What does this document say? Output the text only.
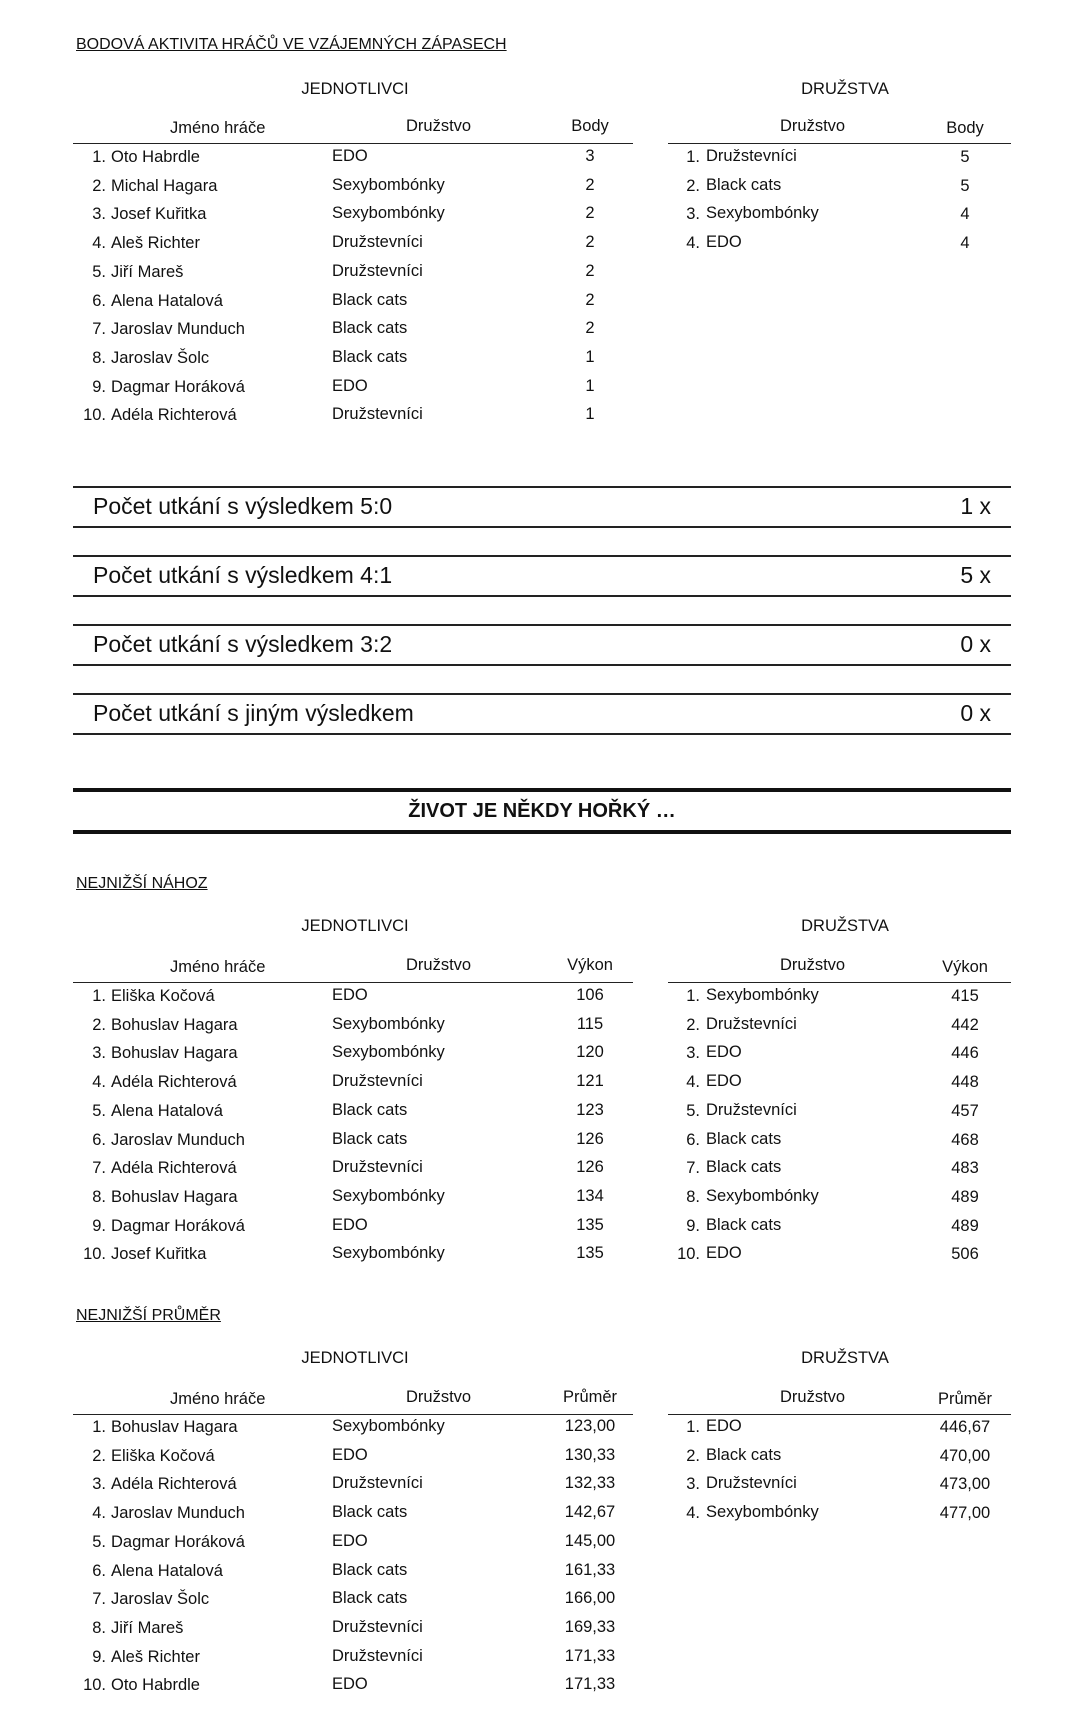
BODOVÁ AKTIVITA HRÁČŮ VE VZÁJEMNÝCH ZÁPASECH
JEDNOTLIVCI	DRUŽSTVA
Jméno hráče	Družstvo	Body	Družstvo	Body
1. Oto Habrdle	EDO	3
2. Michal Hagara	Sexybombónky	2
3. Josef Kuřitka	Sexybombónky	2
4. Aleš Richter	Družstevníci	2
5. Jiří Mareš	Družstevníci	2
6. Alena Hatalová	Black cats	2
7. Jaroslav Munduch	Black cats	2
8. Jaroslav Šolc	Black cats	1
9. Dagmar Horáková	EDO	1
10. Adéla Richterová	Družstevníci	1
1. Družstevníci	5
2. Black cats	5
3. Sexybombónky	4
4. EDO	4
Počet utkání s výsledkem 5:0	1 x
Počet utkání s výsledkem 4:1	5 x
Počet utkání s výsledkem 3:2	0 x
Počet utkání s jiným výsledkem	0 x
ŽIVOT JE NĚKDY HOŘKÝ …
NEJNIŽŠÍ NÁHOZ
JEDNOTLIVCI	DRUŽSTVA
Jméno hráče	Družstvo	Výkon	Družstvo	Výkon
1. Eliška Kočová	EDO	106
2. Bohuslav Hagara	Sexybombónky	115
3. Bohuslav Hagara	Sexybombónky	120
4. Adéla Richterová	Družstevníci	121
5. Alena Hatalová	Black cats	123
6. Jaroslav Munduch	Black cats	126
7. Adéla Richterová	Družstevníci	126
8. Bohuslav Hagara	Sexybombónky	134
9. Dagmar Horáková	EDO	135
10. Josef Kuřitka	Sexybombónky	135
1. Sexybombónky	415
2. Družstevníci	442
3. EDO	446
4. EDO	448
5. Družstevníci	457
6. Black cats	468
7. Black cats	483
8. Sexybombónky	489
9. Black cats	489
10. EDO	506
NEJNIŽŠÍ PRŮMĚR
JEDNOTLIVCI	DRUŽSTVA
Jméno hráče	Družstvo	Průměr	Družstvo	Průměr
1. Bohuslav Hagara	Sexybombónky	123,00
2. Eliška Kočová	EDO	130,33
3. Adéla Richterová	Družstevníci	132,33
4. Jaroslav Munduch	Black cats	142,67
5. Dagmar Horáková	EDO	145,00
6. Alena Hatalová	Black cats	161,33
7. Jaroslav Šolc	Black cats	166,00
8. Jiří Mareš	Družstevníci	169,33
9. Aleš Richter	Družstevníci	171,33
10. Oto Habrdle	EDO	171,33
1. EDO	446,67
2. Black cats	470,00
3. Družstevníci	473,00
4. Sexybombónky	477,00
